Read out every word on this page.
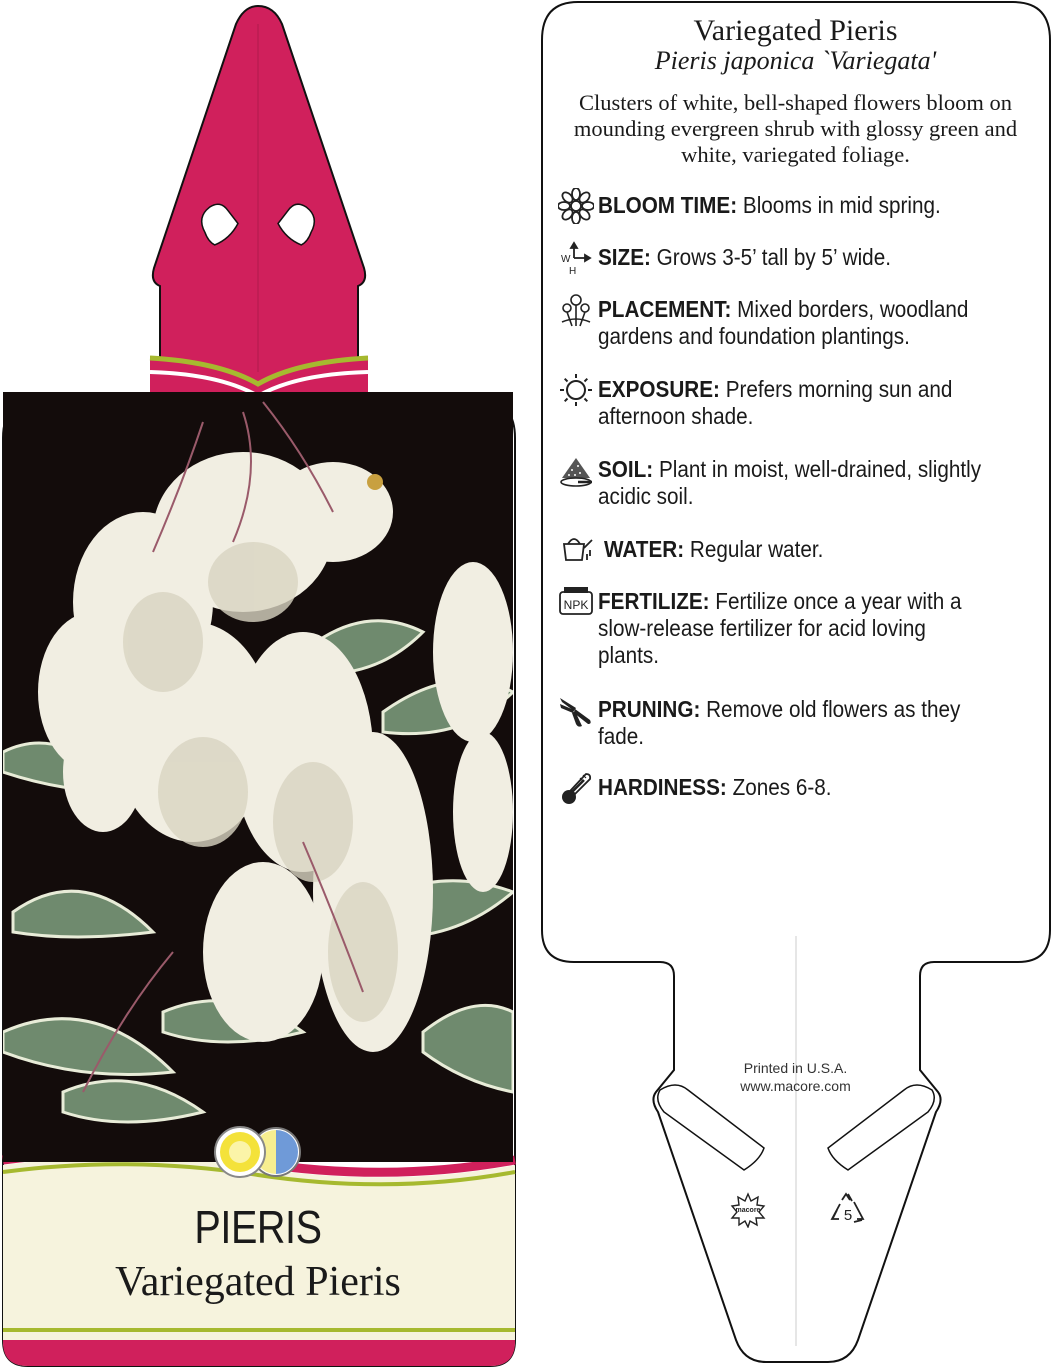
PIERIS
Variegated Pieris
Variegated Pieris
Pieris japonica `Variegata'
Clusters of white, bell-shaped flowers bloom on mounding evergreen shrub with glossy green and white, variegated foliage.
BLOOM TIME: Blooms in mid spring.
W
H
SIZE: Grows 3-5’ tall by 5’ wide.
PLACEMENT: Mixed borders, woodland gardens and foundation plantings.
EXPOSURE: Prefers morning sun and afternoon shade.
SOIL: Plant in moist, well-drained, slightly acidic soil.
WATER: Regular water.
NPK FERTILIZE: Fertilize once a year with a slow-release fertilizer for acid loving plants.
PRUNING: Remove old flowers as they fade.
HARDINESS: Zones 6-8.
Printed in U.S.A.
www.macore.com
macore	5
